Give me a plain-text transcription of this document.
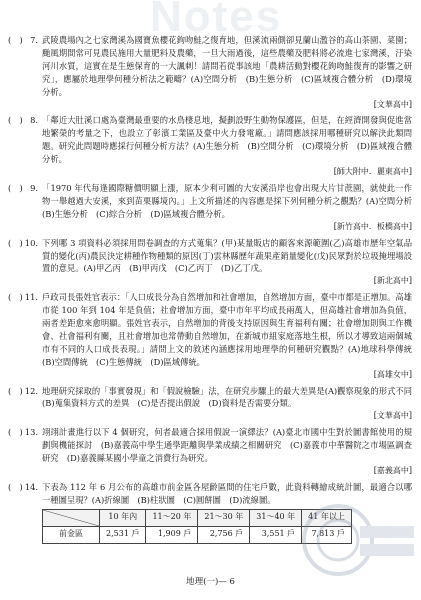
Notes
(　) 7. 武陵農場內之七家灣溪為國寶魚櫻花鉤吻鮭之復育地，但溪流兩側卻見蘭山濫谷的高山茶園、菜園；颱風期間常可見農民施用大量肥料及農藥，一旦大雨過後，這些農藥及肥料將必流進七家灣溪，汙染河川水質，這實在是生態保育的一大諷刺！請問若從事該地「農耕活動對櫻花鉤吻鮭復育的影響之研究」，應屬於地理學何種分析法之範疇？(A)空間分析　(B)生態分析　(C)區域複合體分析　(D)環境分析。
[文華高中]
(　) 8. 「鄰近大肚溪口處為臺灣最重要的水鳥棲息地，擬劃設野生動物保護區，但是，在經濟開發與促進當地繁榮的考量之下，也設立了彰濱工業區及臺中火力發電廠。」請問應該採用哪種研究以解決此類問題。研究此問題時應採行何種分析方法？(A)生態分析　(B)空間分析　(C)環境分析　(D)區域複合體分析。
[師大附中．麗東高中]
(　) 9. 「1970 年代每逢國際糖價明顯上漲，原本少利可圖的大安溪沿岸也會出現大片甘蔗園，就使此一作物一舉越過大安溪，來到苗栗縣境內。」上文所描述的內容應是採下列何種分析之觀點？(A)空間分析　(B)生態分析　(C)綜合分析　(D)區域複合體分析。
[新竹高中．板橋高中]
(　) 10. 下列哪 3 項資料必須採用問卷調查的方式蒐集？(甲)某量販店的顧客來源範圍(乙)高雄市歷年空氣品質的變化(丙)農民決定耕種作物種類的原因(丁)雲林縣歷年蔬果產銷量變化(戊)民眾對於垃圾掩埋場設置的意見。(A)甲乙丙　(B)甲丙戊　(C)乙丙丁　(D)乙丁戊。
[新北高中]
(　) 11. 戶政司長張姓官表示：「人口成長分為自然增加和社會增加，自然增加方面，臺中市都是正增加。高雄市從 100 年到 104 年是負值；社會增加方面，臺中市年平均成長兩萬人，但高雄社會增加為負值，兩者差距愈來愈明顯。張姓官表示，自然增加的背後支持原因與生育福利有關；社會增加則與工作機會、社會福利有關，且社會增加也常帶動自然增加，在新城市組家庭落地生根，所以才導致這兩個城市有不同的人口成長表現。」請問上文的敘述內涵應採用地理學的何種研究觀點？(A)地球科學傳統　(B)空間傳統　(C)生態傳統　(D)區域傳統。
[高雄女中]
(　) 12. 地理研究採取的「事實發現」和「假說檢驗」法，在研究步驟上的最大差異是(A)觀察現象的形式不同　(B)蒐集資料方式的差異　(C)是否提出假說　(D)資料是否需要分類。
[文華高中]
(　) 13. 翊翊計畫進行以下 4 個研究，何者最適合採用假說一演繹法？(A)臺北市國中生對於圖書館使用的規劃與機能探討　(B)嘉義高中學生通學距離與學業成績之相關研究　(C)嘉義市中華醫院之市場區調查研究　(D)嘉義縣某國小學童之消費行為研究。
[嘉義高中]
(　) 14. 下表為 112 年 6 月公布的高雄市前金區各屋齡區間的住宅戶數，此資料轉繪成統計圖，最適合以哪一種圖呈現？(A)折線圖　(B)柱狀圖　(C)圓餅圖　(D)流線圖。
	10 年內	11～20 年	21～30 年	31～40 年	41 年以上
前金區	2,531 戶	1,909 戶	2,756 戶	3,551 戶	7,813 戶
地理(一)— 6
